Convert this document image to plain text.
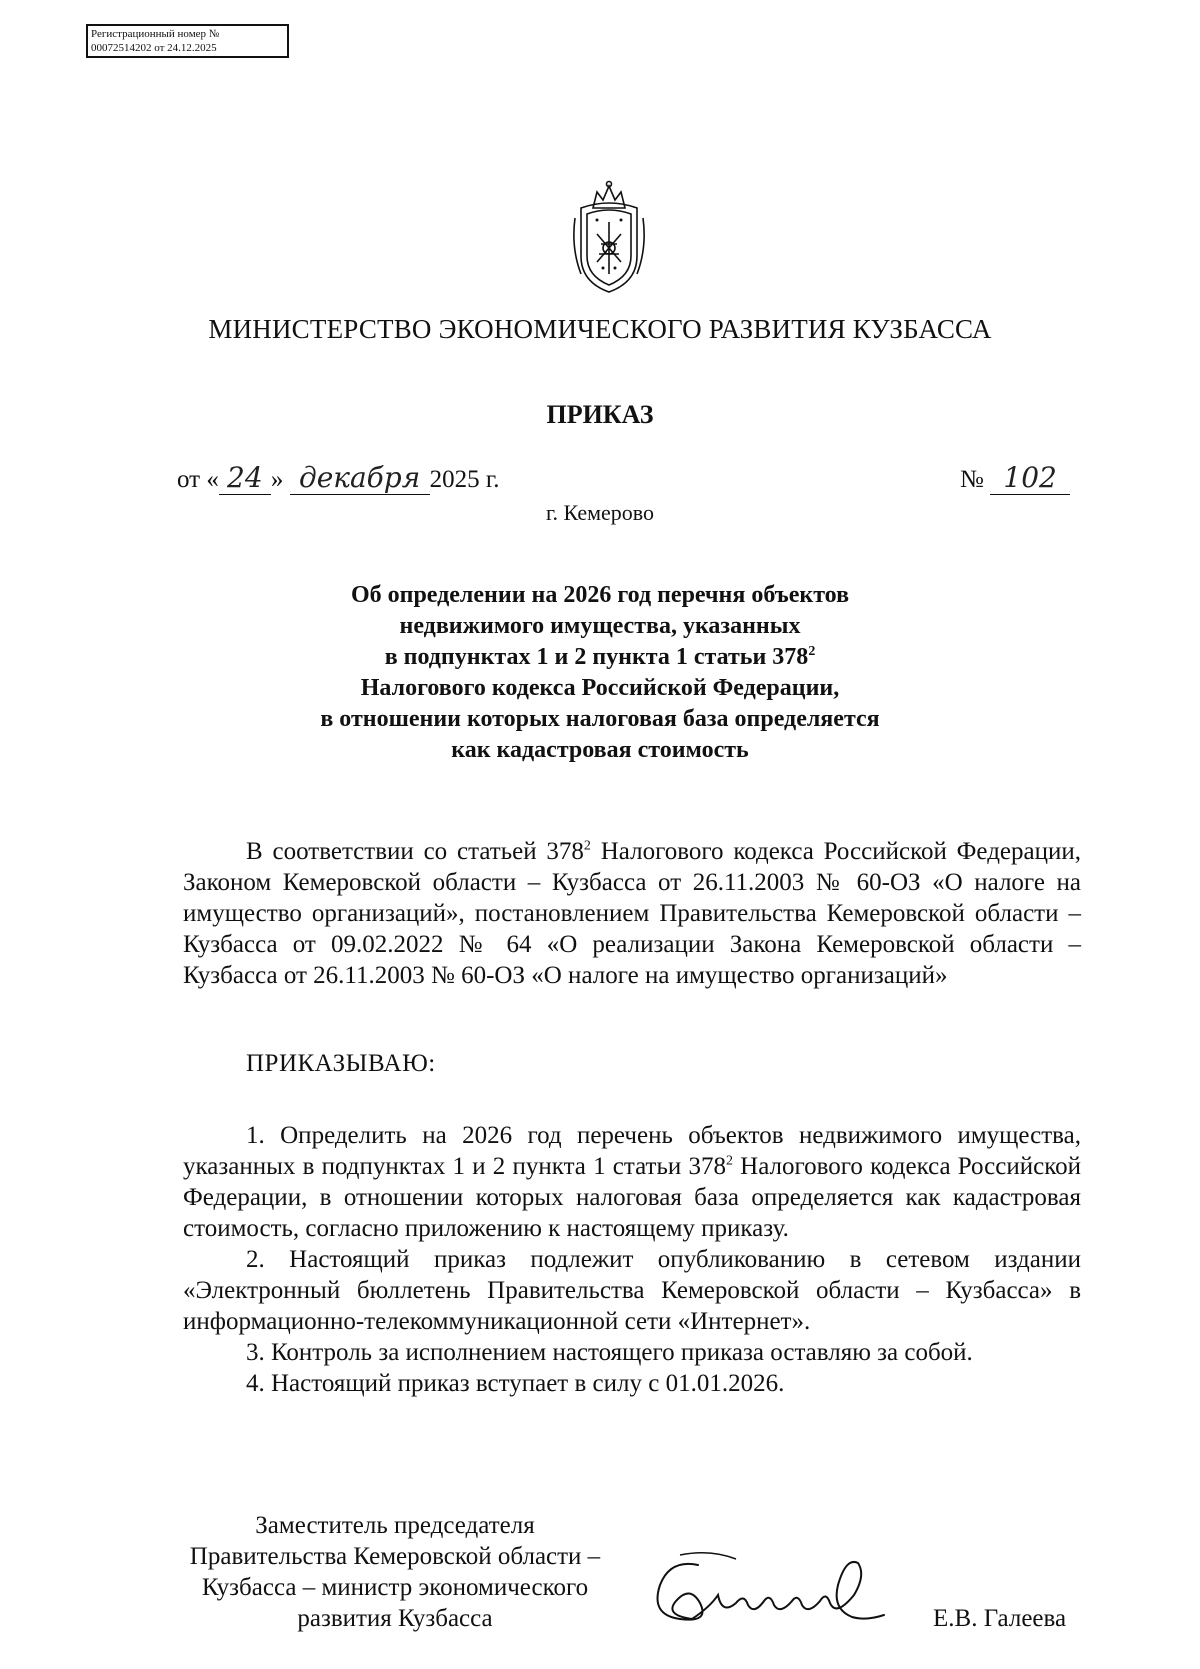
Регистрационный номер №
00072514202 от 24.12.2025
МИНИСТЕРСТВО ЭКОНОМИЧЕСКОГО РАЗВИТИЯ КУЗБАССА
ПРИКАЗ
от « 24 » декабря 2025 г.	№ 102
г. Кемерово
Об определении на 2026 год перечня объектов
недвижимого имущества, указанных
в подпунктах 1 и 2 пункта 1 статьи $378^2$
Налогового кодекса Российской Федерации,
в отношении которых налоговая база определяется
как кадастровая стоимость
В соответствии со статьей $378^2$ Налогового кодекса Российской Федерации, Законом Кемеровской области – Кузбасса от 26.11.2003 № 60-ОЗ «О налоге на имущество организаций», постановлением Правительства Кемеровской области – Кузбасса от 09.02.2022 № 64 «О реализации Закона Кемеровской области – Кузбасса от 26.11.2003 № 60-ОЗ «О налоге на имущество организаций»
ПРИКАЗЫВАЮ:
1. Определить на 2026 год перечень объектов недвижимого имущества, указанных в подпунктах 1 и 2 пункта 1 статьи $378^2$ Налогового кодекса Российской Федерации, в отношении которых налоговая база определяется как кадастровая стоимость, согласно приложению к настоящему приказу.
2. Настоящий приказ подлежит опубликованию в сетевом издании «Электронный бюллетень Правительства Кемеровской области – Кузбасса» в информационно-телекоммуникационной сети «Интернет».
3. Контроль за исполнением настоящего приказа оставляю за собой.
4. Настоящий приказ вступает в силу с 01.01.2026.
Заместитель председателя
Правительства Кемеровской области –
Кузбасса – министр экономического
развития Кузбасса	Е.В. Галеева
